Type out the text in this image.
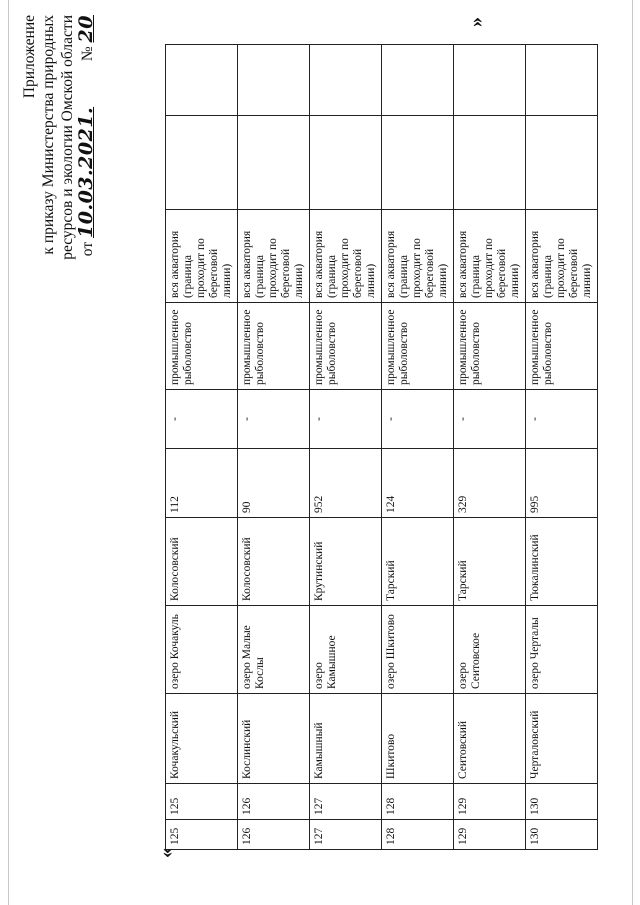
Приложение к приказу Министерства природных ресурсов и экологии Омской области от 10.03.2021.  № 20
«
»
125	125	Кочакульский	озеро Кочакуль	Колосовский	112	-	промышленное рыболовство	вся акватория (граница проходит по береговой линии)		
126	126	Кослинский	озеро Малые Кослы	Колосовский	90	-	промышленное рыболовство	вся акватория (граница проходит по береговой линии)		
127	127	Камышный	озеро Камышное	Крутинский	952	-	промышленное рыболовство	вся акватория (граница проходит по береговой линии)		
128	128	Шкитово	озеро Шкитово	Тарский	124	-	промышленное рыболовство	вся акватория (граница проходит по береговой линии)		
129	129	Сеитовский	озеро Сеитовское	Тарский	329	-	промышленное рыболовство	вся акватория (граница проходит по береговой линии)		
130	130	Черталовский	озеро Черталы	Тюкалинский	995	-	промышленное рыболовство	вся акватория (граница проходит по береговой линии)		
